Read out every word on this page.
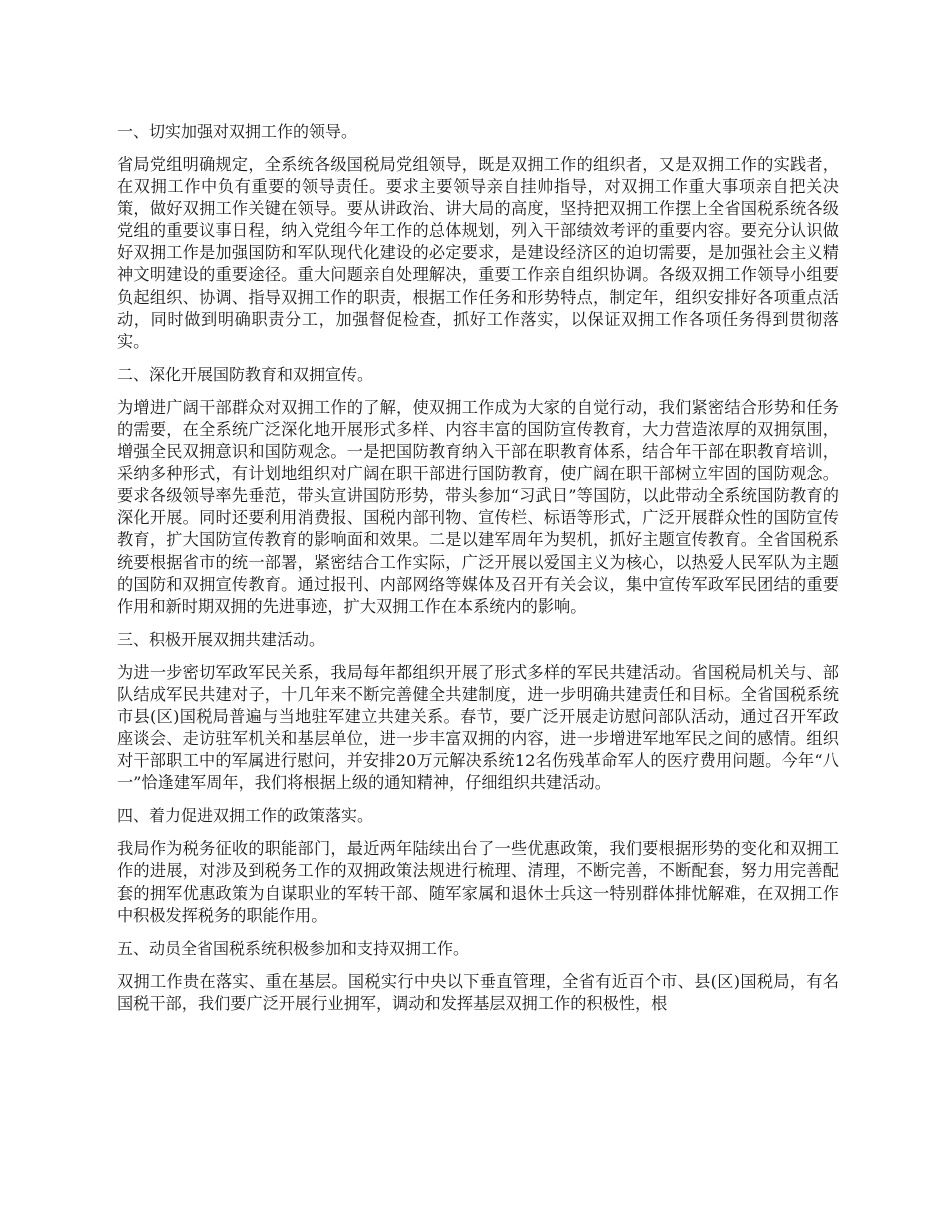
一、切实加强对双拥工作的领导。

省局党组明确规定，全系统各级国税局党组领导，既是双拥工作的组织者，又是双拥工作的实践者，在双拥工作中负有重要的领导责任。要求主要领导亲自挂帅指导，对双拥工作重大事项亲自把关决策，做好双拥工作关键在领导。要从讲政治、讲大局的高度，坚持把双拥工作摆上全省国税系统各级党组的重要议事日程，纳入党组今年工作的总体规划，列入干部绩效考评的重要内容。要充分认识做好双拥工作是加强国防和军队现代化建设的必定要求，是建设经济区的迫切需要，是加强社会主义精神文明建设的重要途径。重大问题亲自处理解决，重要工作亲自组织协调。各级双拥工作领导小组要负起组织、协调、指导双拥工作的职责，根据工作任务和形势特点，制定年，组织安排好各项重点活动，同时做到明确职责分工，加强督促检查，抓好工作落实，以保证双拥工作各项任务得到贯彻落实。

二、深化开展国防教育和双拥宣传。

为增进广阔干部群众对双拥工作的了解，使双拥工作成为大家的自觉行动，我们紧密结合形势和任务的需要，在全系统广泛深化地开展形式多样、内容丰富的国防宣传教育，大力营造浓厚的双拥氛围，增强全民双拥意识和国防观念。一是把国防教育纳入干部在职教育体系，结合年干部在职教育培训，采纳多种形式，有计划地组织对广阔在职干部进行国防教育，使广阔在职干部树立牢固的国防观念。要求各级领导率先垂范，带头宣讲国防形势，带头参加“习武日”等国防，以此带动全系统国防教育的深化开展。同时还要利用消费报、国税内部刊物、宣传栏、标语等形式，广泛开展群众性的国防宣传教育，扩大国防宣传教育的影响面和效果。二是以建军周年为契机，抓好主题宣传教育。全省国税系统要根据省市的统一部署，紧密结合工作实际，广泛开展以爱国主义为核心，以热爱人民军队为主题的国防和双拥宣传教育。通过报刊、内部网络等媒体及召开有关会议，集中宣传军政军民团结的重要作用和新时期双拥的先进事迹，扩大双拥工作在本系统内的影响。

三、积极开展双拥共建活动。

为进一步密切军政军民关系，我局每年都组织开展了形式多样的军民共建活动。省国税局机关与、部队结成军民共建对子，十几年来不断完善健全共建制度，进一步明确共建责任和目标。全省国税系统市县(区)国税局普遍与当地驻军建立共建关系。春节，要广泛开展走访慰问部队活动，通过召开军政座谈会、走访驻军机关和基层单位，进一步丰富双拥的内容，进一步增进军地军民之间的感情。组织对干部职工中的军属进行慰问，并安排20万元解决系统12名伤残革命军人的医疗费用问题。今年“八一”恰逢建军周年，我们将根据上级的通知精神，仔细组织共建活动。

四、着力促进双拥工作的政策落实。

我局作为税务征收的职能部门，最近两年陆续出台了一些优惠政策，我们要根据形势的变化和双拥工作的进展，对涉及到税务工作的双拥政策法规进行梳理、清理，不断完善，不断配套，努力用完善配套的拥军优惠政策为自谋职业的军转干部、随军家属和退休士兵这一特别群体排忧解难，在双拥工作中积极发挥税务的职能作用。

五、动员全省国税系统积极参加和支持双拥工作。

双拥工作贵在落实、重在基层。国税实行中央以下垂直管理，全省有近百个市、县(区)国税局，有名国税干部，我们要广泛开展行业拥军，调动和发挥基层双拥工作的积极性，根
